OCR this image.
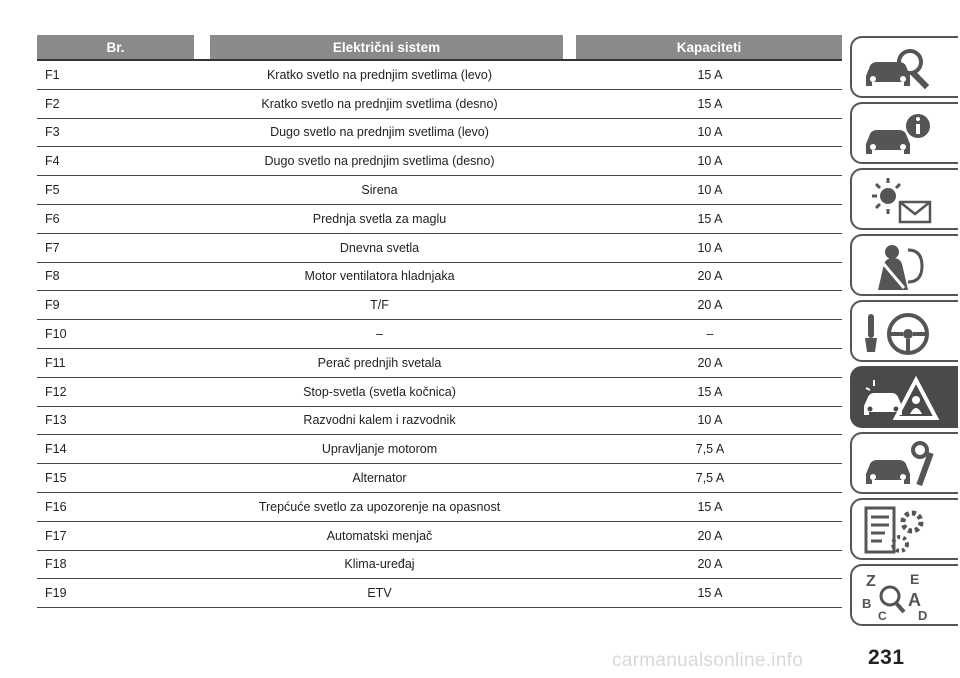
Br.	Električni sistem	Kapaciteti
F1	Kratko svetlo na prednjim svetlima (levo)	15 A
F2	Kratko svetlo na prednjim svetlima (desno)	15 A
F3	Dugo svetlo na prednjim svetlima (levo)	10 A
F4	Dugo svetlo na prednjim svetlima (desno)	10 A
F5	Sirena	10 A
F6	Prednja svetla za maglu	15 A
F7	Dnevna svetla	10 A
F8	Motor ventilatora hladnjaka	20 A
F9	T/F	20 A
F10	–	–
F11	Perač prednjih svetala	20 A
F12	Stop-svetla (svetla kočnica)	15 A
F13	Razvodni kalem i razvodnik	10 A
F14	Upravljanje motorom	7,5 A
F15	Alternator	7,5 A
F16	Trepćuće svetlo za upozorenje na opasnost	15 A
F17	Automatski menjač	20 A
F18	Klima-uređaj	20 A
F19	ETV	15 A
Z E
B A
C D
carmanualsonline.info	231
